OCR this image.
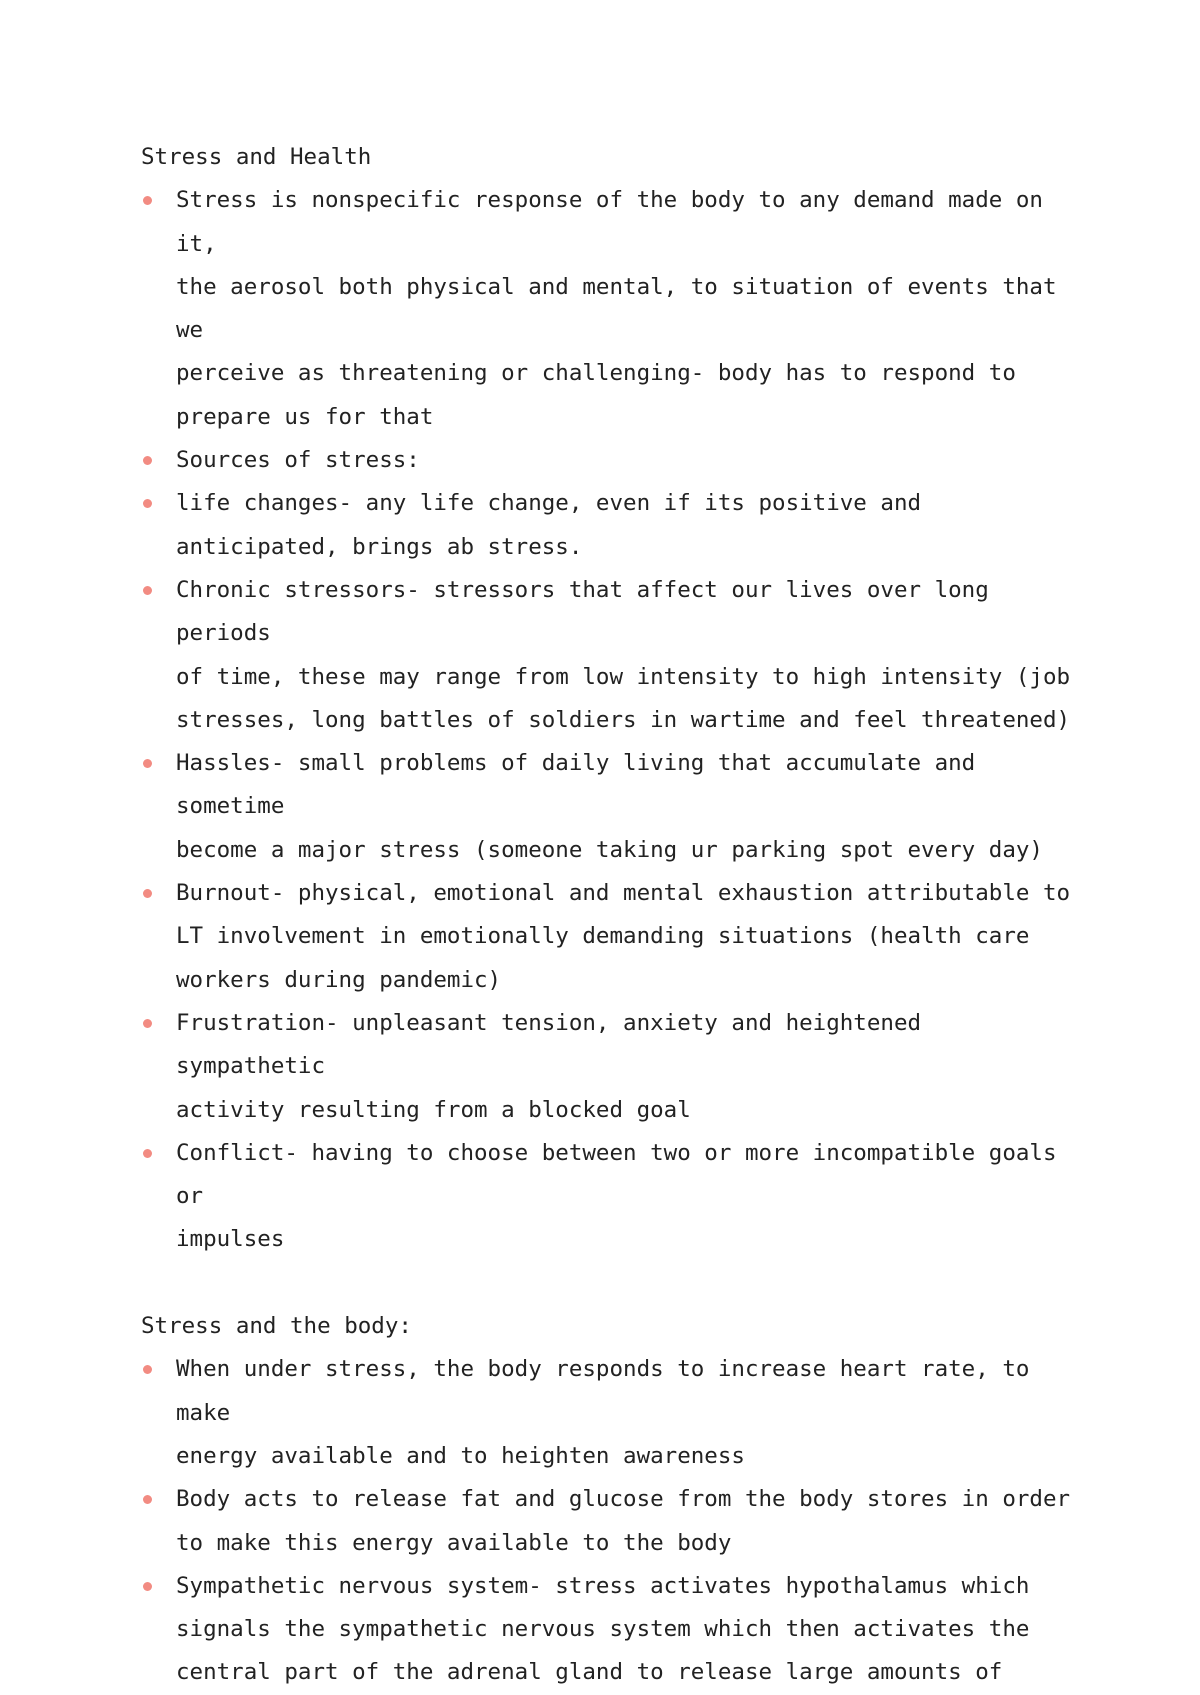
Stress and Health
Stress is nonspecific response of the body to any demand made on it,
the aerosol both physical and mental, to situation of events that we
perceive as threatening or challenging- body has to respond to
prepare us for that
Sources of stress:
life changes- any life change, even if its positive and
anticipated, brings ab stress.
Chronic stressors- stressors that affect our lives over long periods
of time, these may range from low intensity to high intensity (job
stresses, long battles of soldiers in wartime and feel threatened)
Hassles- small problems of daily living that accumulate and sometime
become a major stress (someone taking ur parking spot every day)
Burnout- physical, emotional and mental exhaustion attributable to
LT involvement in emotionally demanding situations (health care
workers during pandemic)
Frustration- unpleasant tension, anxiety and heightened sympathetic
activity resulting from a blocked goal
Conflict- having to choose between two or more incompatible goals or
impulses
Stress and the body:
When under stress, the body responds to increase heart rate, to make
energy available and to heighten awareness
Body acts to release fat and glucose from the body stores in order
to make this energy available to the body
Sympathetic nervous system- stress activates hypothalamus which
signals the sympathetic nervous system which then activates the
central part of the adrenal gland to release large amounts of
